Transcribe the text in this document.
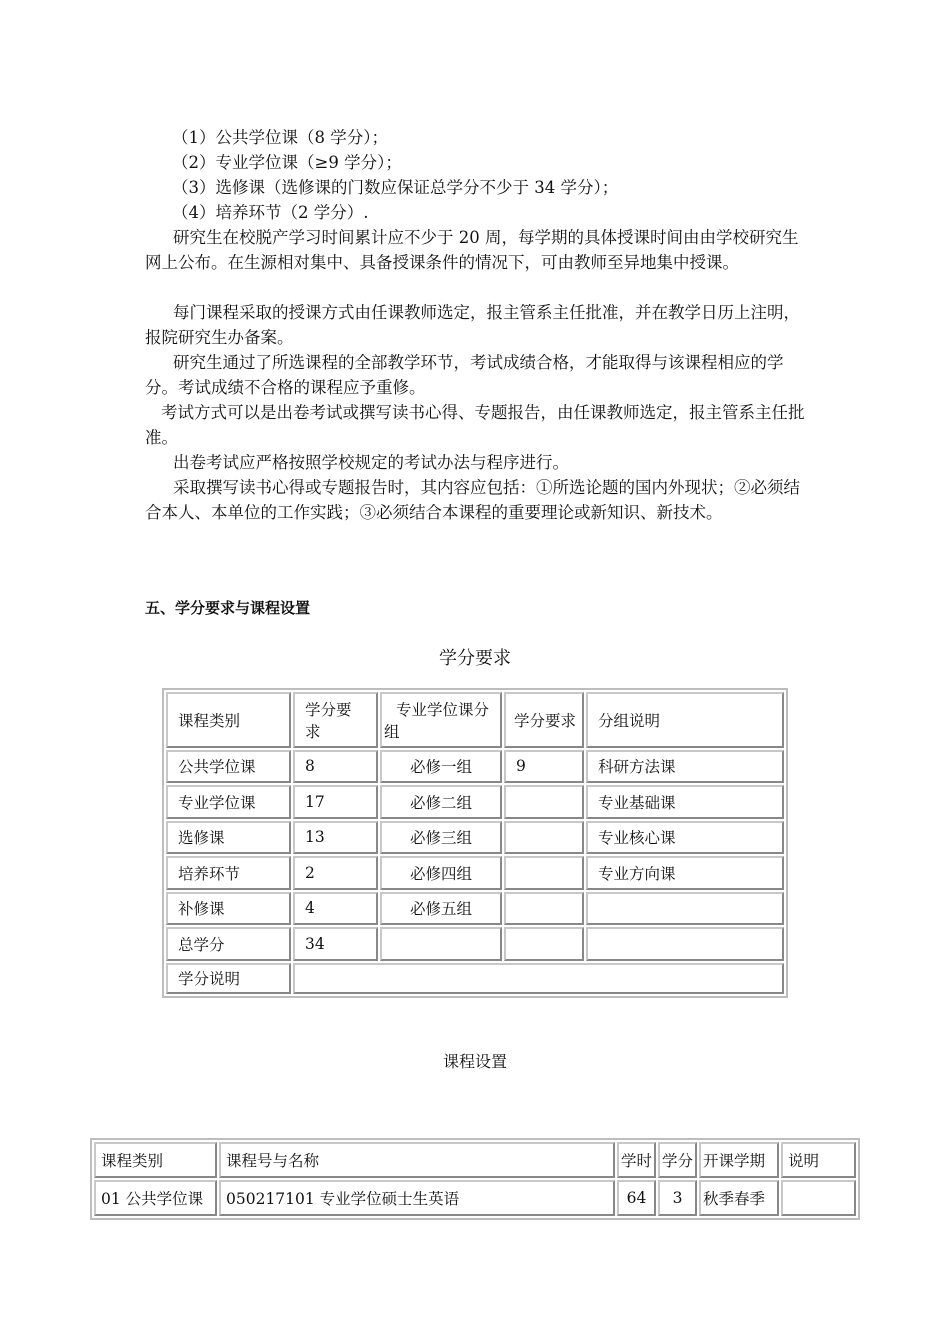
（1）公共学位课（8 学分）；
（2）专业学位课（≥9 学分）；
（3）选修课（选修课的门数应保证总学分不少于 34 学分）；
（4）培养环节（2 学分）.
研究生在校脱产学习时间累计应不少于 20 周，每学期的具体授课时间由由学校研究生网上公布。在生源相对集中、具备授课条件的情况下，可由教师至异地集中授课。
每门课程采取的授课方式由任课教师选定，报主管系主任批准，并在教学日历上注明，报院研究生办备案。
研究生通过了所选课程的全部教学环节，考试成绩合格，才能取得与该课程相应的学分。考试成绩不合格的课程应予重修。
考试方式可以是出卷考试或撰写读书心得、专题报告，由任课教师选定，报主管系主任批准。
出卷考试应严格按照学校规定的考试办法与程序进行。
采取撰写读书心得或专题报告时，其内容应包括：①所选论题的国内外现状；②必须结合本人、本单位的工作实践；③必须结合本课程的重要理论或新知识、新技术。
五、学分要求与课程设置
学分要求
课程类别	学分要求	专业学位课分组	学分要求	分组说明
公共学位课	8	必修一组	9	科研方法课
专业学位课	17	必修二组		专业基础课
选修课	13	必修三组		专业核心课
培养环节	2	必修四组		专业方向课
补修课	4	必修五组		
总学分	34			
学分说明				
课程设置
课程类别	课程号与名称	学时	学分	开课学期	说明
01 公共学位课	050217101 专业学位硕士生英语	64	3	秋季春季	
